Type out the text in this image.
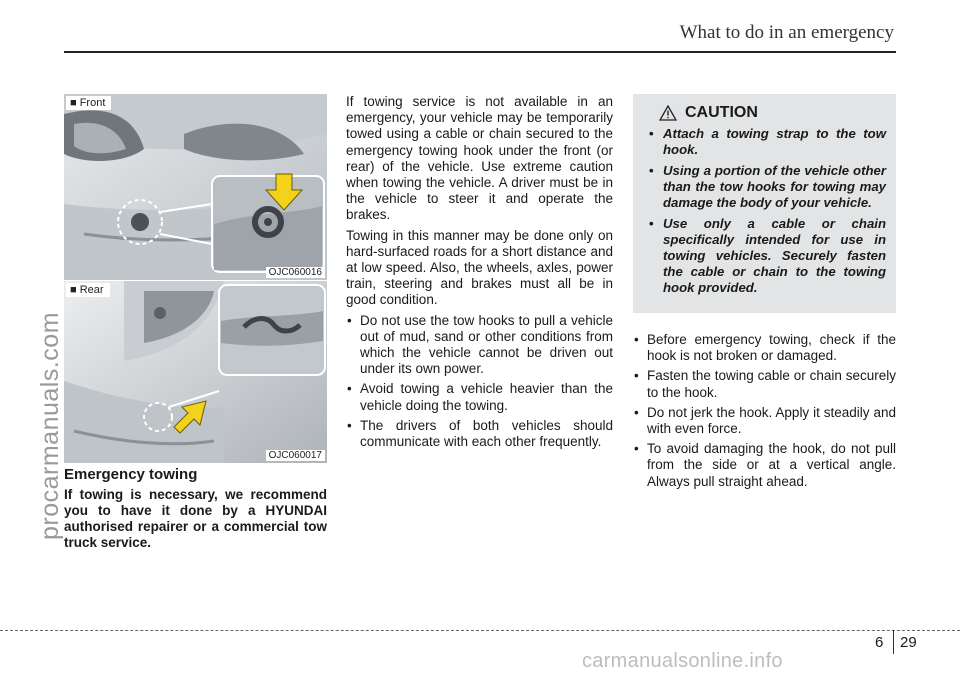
What to do in an emergency
procarmanuals.com
■ Front
OJC060016
■ Rear
OJC060017
Emergency towing

If towing is necessary, we recommend you to have it done by a HYUNDAI authorised repairer or a commercial tow truck service.

If towing service is not available in an emergency, your vehicle may be temporarily towed using a cable or chain secured to the emergency towing hook under the front (or rear) of the vehicle. Use extreme caution when towing the vehicle. A driver must be in the vehicle to steer it and operate the brakes.

Towing in this manner may be done only on hard-surfaced roads for a short distance and at low speed. Also, the wheels, axles, power train, steering and brakes must all be in good condition.

• Do not use the tow hooks to pull a vehicle out of mud, sand or other conditions from which the vehicle cannot be driven out under its own power.
• Avoid towing a vehicle heavier than the vehicle doing the towing.
• The drivers of both vehicles should communicate with each other frequently.
CAUTION
• Attach a towing strap to the tow hook.
• Using a portion of the vehicle other than the tow hooks for towing may damage the body of your vehicle.
• Use only a cable or chain specifically intended for use in towing vehicles. Securely fasten the cable or chain to the towing hook provided.
• Before emergency towing, check if the hook is not broken or damaged.
• Fasten the towing cable or chain securely to the hook.
• Do not jerk the hook. Apply it steadily and with even force.
• To avoid damaging the hook, do not pull from the side or at a vertical angle. Always pull straight ahead.
6 29
carmanualsonline.info
